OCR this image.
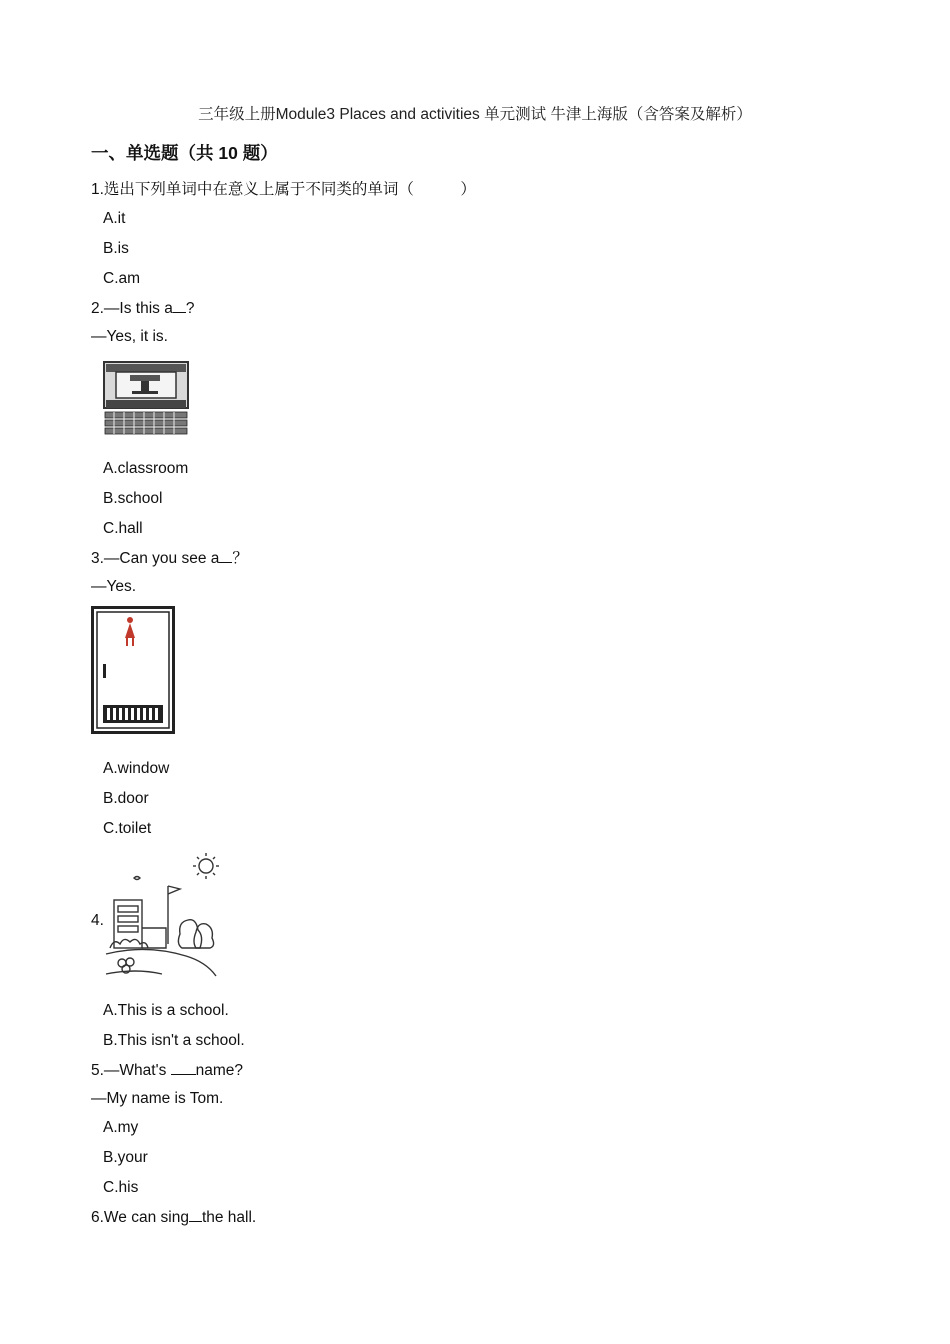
三年级上册Module3 Places and activities 单元测试 牛津上海版（含答案及解析）
一、单选题（共 10 题）
1.选出下列单词中在意义上属于不同类的单词（　　　）
A.it
B.is
C.am
2.—Is this a ?
—Yes, it is.
A.classroom
B.school
C.hall
3.—Can you see a ？
—Yes.
A.window
B.door
C.toilet
4.
A.This is a school.
B.This isn't a school.
5.—What's name?
—My name is Tom.
A.my
B.your
C.his
6.We can sing the hall.
